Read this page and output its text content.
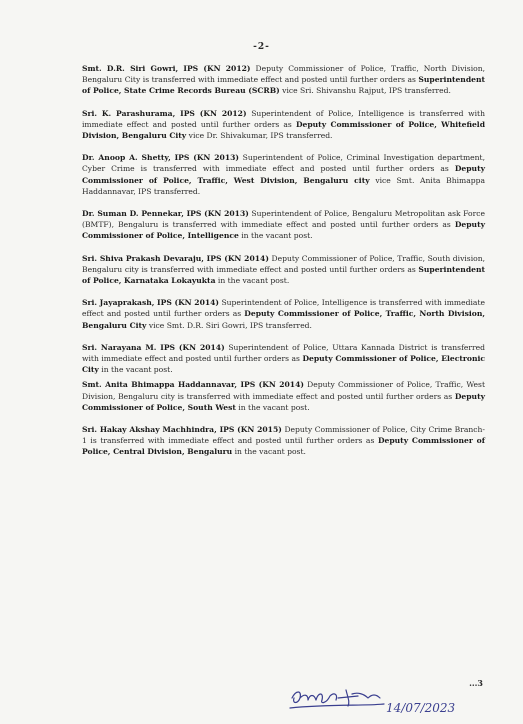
-2-

Smt. D.R. Siri Gowri, IPS (KN 2012) Deputy Commissioner of Police, Traffic, North Division, Bengaluru City is transferred with immediate effect and posted until further orders as Superintendent of Police, State Crime Records Bureau (SCRB) vice Sri. Shivanshu Rajput, IPS transferred.

Sri. K. Parashurama, IPS (KN 2012) Superintendent of Police, Intelligence is transferred with immediate effect and posted until further orders as Deputy Commissioner of Police, Whitefield Division, Bengaluru City vice Dr. Shivakumar, IPS transferred.

Dr. Anoop A. Shetty, IPS (KN 2013) Superintendent of Police, Criminal Investigation department, Cyber Crime is transferred with immediate effect and posted until further orders as Deputy Commissioner of Police, Traffic, West Division, Bengaluru city vice Smt. Anita Bhimappa Haddannavar, IPS transferred.

Dr. Suman D. Pennekar, IPS (KN 2013) Superintendent of Police, Bengaluru Metropolitan ask Force (BMTF), Bengaluru is transferred with immediate effect and posted until further orders as Deputy Commissioner of Police, Intelligence in the vacant post.

Sri. Shiva Prakash Devaraju, IPS (KN 2014) Deputy Commissioner of Police, Traffic, South division, Bengaluru city is transferred with immediate effect and posted until further orders as Superintendent of Police, Karnataka Lokayukta in the vacant post.

Sri. Jayaprakash, IPS (KN 2014) Superintendent of Police, Intelligence is transferred with immediate effect and posted until further orders as Deputy Commissioner of Police, Traffic, North Division, Bengaluru City vice Smt. D.R. Siri Gowri, IPS transferred.

Sri. Narayana M. IPS (KN 2014) Superintendent of Police, Uttara Kannada District is transferred with immediate effect and posted until further orders as Deputy Commissioner of Police, Electronic City in the vacant post.

Smt. Anita Bhimappa Haddannavar, IPS (KN 2014) Deputy Commissioner of Police, Traffic, West Division, Bengaluru city is transferred with immediate effect and posted until further orders as Deputy Commissioner of Police, South West in the vacant post.

Sri. Hakay Akshay Machhindra, IPS (KN 2015) Deputy Commissioner of Police, City Crime Branch-1 is transferred with immediate effect and posted until further orders as Deputy Commissioner of Police, Central Division, Bengaluru in the vacant post.

...3
14/07/2023
